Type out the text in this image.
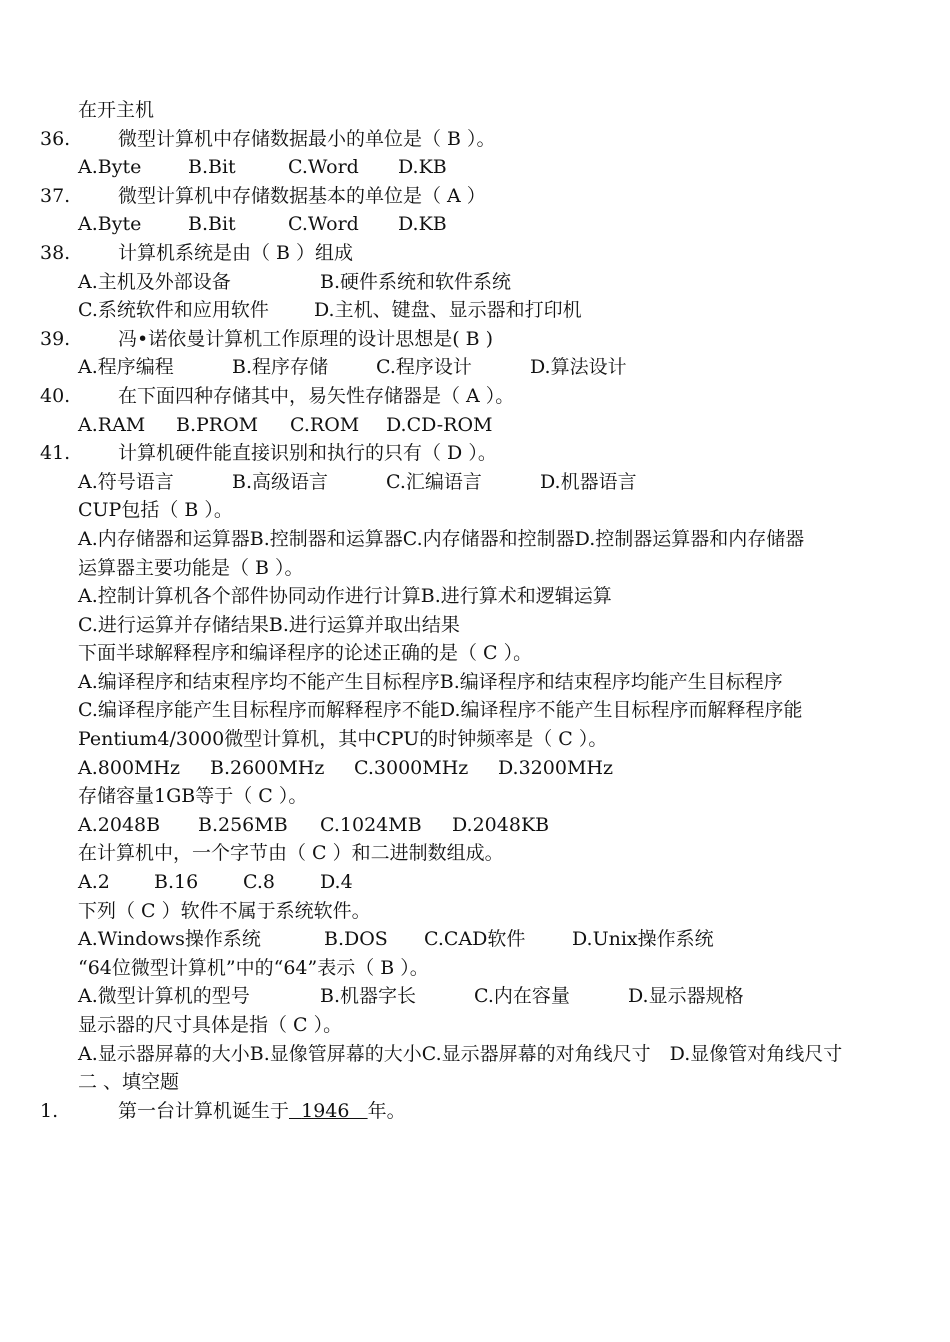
在开主机
36.	微型计算机中存储数据最小的单位是（ B ）。
A.Byte B.Bit	C.Word D.KB
37.	微型计算机中存储数据基本的单位是（ A ）
A.Byte B.Bit	C.Word D.KB
38.	计算机系统是由（ B ）组成
A.主机及外部设备	B.硬件系统和软件系统
C.系统软件和应用软件 D.主机、键盘、显示器和打印机
39.	冯•诺依曼计算机工作原理的设计思想是( B )
A.程序编程	B.程序存储	C.程序设计	D.算法设计
40.	在下面四种存储其中，易矢性存储器是（ A ）。
A.RAM B.PROM C.ROM D.CD-ROM
41.	计算机硬件能直接识别和执行的只有（ D ）。
A.符号语言	B.高级语言	C.汇编语言	D.机器语言
CUP包括（ B ）。
A.内存储器和运算器B.控制器和运算器C.内存储器和控制器D.控制器运算器和内存储器
运算器主要功能是（ B ）。
A.控制计算机各个部件协同动作进行计算B.进行算术和逻辑运算
C.进行运算并存储结果B.进行运算并取出结果
下面半球解释程序和编译程序的论述正确的是（ C ）。
A.编译程序和结束程序均不能产生目标程序B.编译程序和结束程序均能产生目标程序
C.编译程序能产生目标程序而解释程序不能D.编译程序不能产生目标程序而解释程序能
Pentium4/3000微型计算机，其中CPU的时钟频率是（ C ）。
A.800MHz B.2600MHz C.3000MHz D.3200MHz
存储容量1GB等于（ C ）。
A.2048B B.256MB C.1024MB D.2048KB
在计算机中，一个字节由（ C ）和二进制数组成。
A.2 B.16 C.8 D.4
下列（ C ）软件不属于系统软件。
A.Windows操作系统	B.DOS C.CAD软件 D.Unix操作系统
“64位微型计算机”中的“64”表示（ B ）。
A.微型计算机的型号	B.机器字长	C.内在容量	D.显示器规格
显示器的尺寸具体是指（ C ）。
A.显示器屏幕的大小B.显像管屏幕的大小C.显示器屏幕的对角线尺寸　D.显像管对角线尺寸
二 、填空题
1.	第一台计算机诞生于 1946 年。
